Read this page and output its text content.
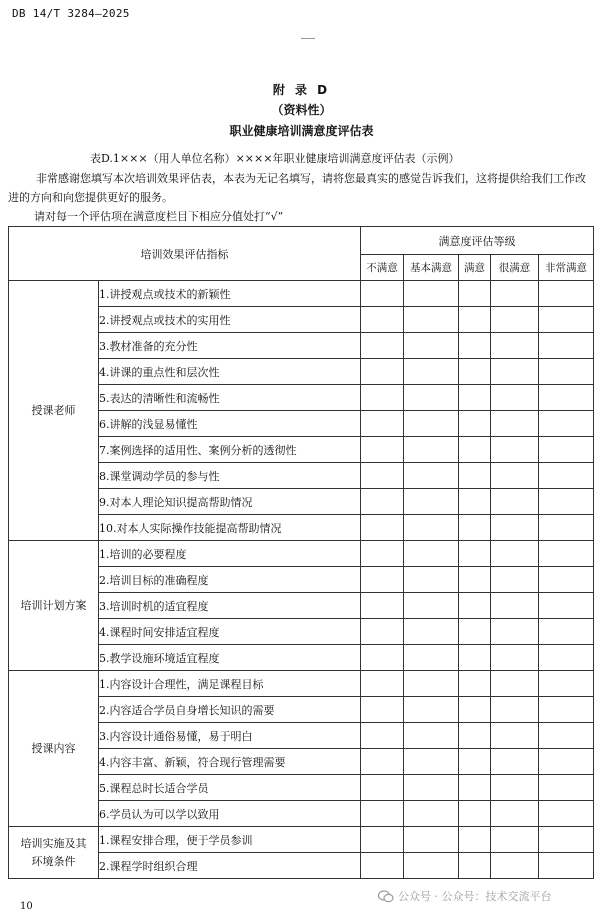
DB 14/T 3284—2025
附 录 D
（资料性）
职业健康培训满意度评估表
表D.1×××（用人单位名称）××××年职业健康培训满意度评估表（示例）
非常感谢您填写本次培训效果评估表，本表为无记名填写，请将您最真实的感觉告诉我们，这将提供给我们工作改进的方向和向您提供更好的服务。
请对每一个评估项在满意度栏目下相应分值处打“√”
培训效果评估指标		满意度评估等级				
		不满意	基本满意	满意	很满意	非常满意
授课老师	1.讲授观点或技术的新颖性					
	2.讲授观点或技术的实用性					
	3.教材准备的充分性					
	4.讲课的重点性和层次性					
	5.表达的清晰性和流畅性					
	6.讲解的浅显易懂性					
	7.案例选择的适用性、案例分析的透彻性					
	8.课堂调动学员的参与性					
	9.对本人理论知识提高帮助情况					
	10.对本人实际操作技能提高帮助情况					
培训计划方案	1.培训的必要程度					
	2.培训目标的准确程度					
	3.培训时机的适宜程度					
	4.课程时间安排适宜程度					
	5.教学设施环境适宜程度					
授课内容	1.内容设计合理性，满足课程目标					
	2.内容适合学员自身增长知识的需要					
	3.内容设计通俗易懂，易于明白					
	4.内容丰富、新颖，符合现行管理需要					
	5.课程总时长适合学员					
	6.学员认为可以学以致用					

培训实施及其
环境条件	1.课程安排合理，便于学员参训					
	2.课程学时组织合理					
10
公众号 · 公众号：技术交流平台
